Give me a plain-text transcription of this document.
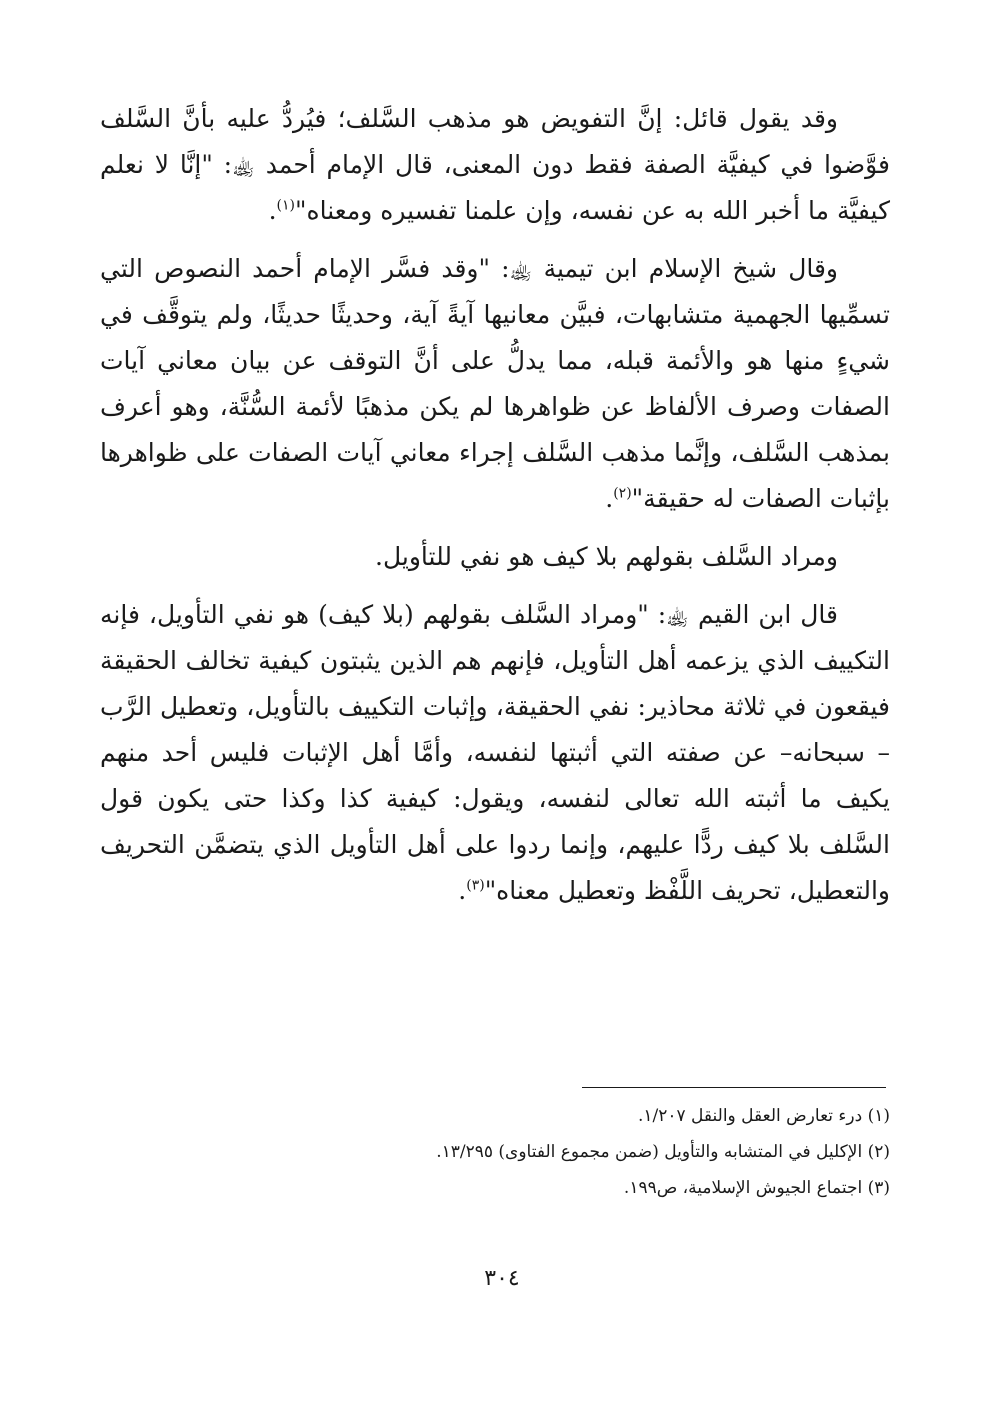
وقد يقول قائل: إنَّ التفويض هو مذهب السَّلف؛ فيُردُّ عليه بأنَّ السَّلف فوَّضوا في كيفيَّة الصفة فقط دون المعنى، قال الإمام أحمد ﵀: "إنَّا لا نعلم كيفيَّة ما أخبر الله به عن نفسه، وإن علمنا تفسيره ومعناه"$^{(١)}$.

وقال شيخ الإسلام ابن تيمية ﵀: "وقد فسَّر الإمام أحمد النصوص التي تسمِّيها الجهمية متشابهات، فبيَّن معانيها آيةً آية، وحديثًا حديثًا، ولم يتوقَّف في شيءٍ منها هو والأئمة قبله، مما يدلُّ على أنَّ التوقف عن بيان معاني آيات الصفات وصرف الألفاظ عن ظواهرها لم يكن مذهبًا لأئمة السُّنَّة، وهو أعرف بمذهب السَّلف، وإنَّما مذهب السَّلف إجراء معاني آيات الصفات على ظواهرها بإثبات الصفات له حقيقة"$^{(٢)}$.

ومراد السَّلف بقولهم بلا كيف هو نفي للتأويل.

قال ابن القيم ﵀: "ومراد السَّلف بقولهم (بلا كيف) هو نفي التأويل، فإنه التكييف الذي يزعمه أهل التأويل، فإنهم هم الذين يثبتون كيفية تخالف الحقيقة فيقعون في ثلاثة محاذير: نفي الحقيقة، وإثبات التكييف بالتأويل، وتعطيل الرَّب – سبحانه– عن صفته التي أثبتها لنفسه، وأمَّا أهل الإثبات فليس أحد منهم يكيف ما أثبته الله تعالى لنفسه، ويقول: كيفية كذا وكذا حتى يكون قول السَّلف بلا كيف ردًّا عليهم، وإنما ردوا على أهل التأويل الذي يتضمَّن التحريف والتعطيل، تحريف اللَّفْظ وتعطيل معناه"$^{(٣)}$.

(١) درء تعارض العقل والنقل ١/٢٠٧.

(٢) الإكليل في المتشابه والتأويل (ضمن مجموع الفتاوى) ١٣/٢٩٥.

(٣) اجتماع الجيوش الإسلامية، ص١٩٩.

٣٠٤
